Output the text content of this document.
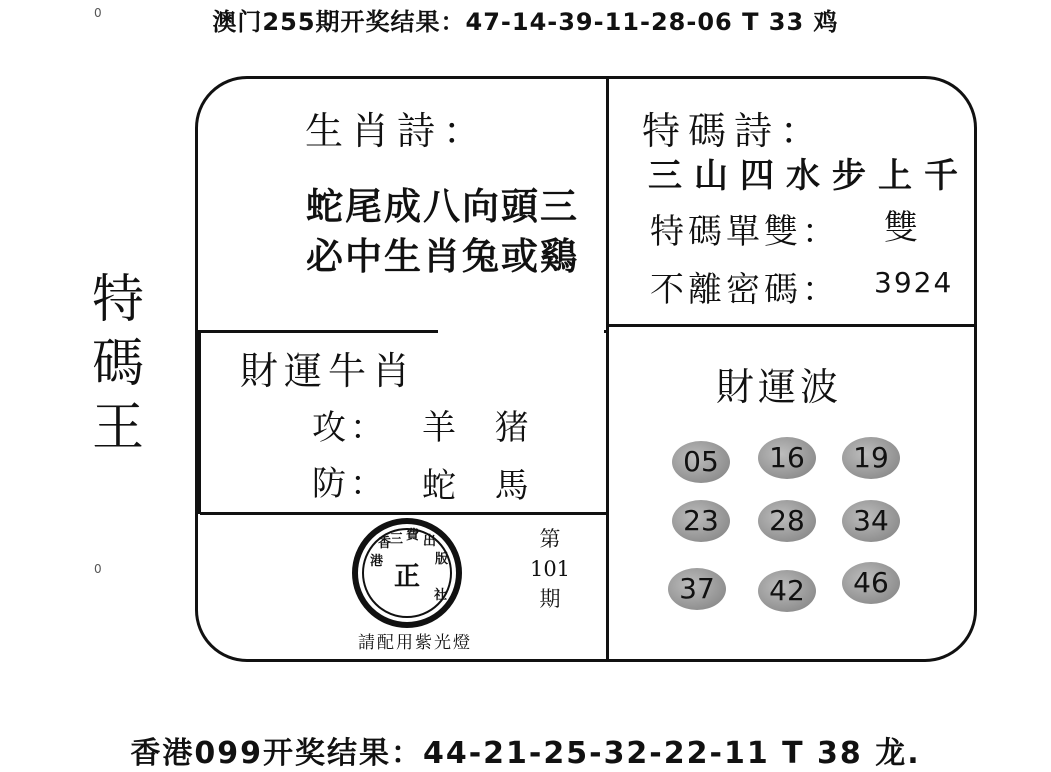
澳门255期开奖结果：47-14-39-11-28-06 T 33 鸡
0
0
特
碼
王
生肖詩：
蛇尾成八向頭三
必中生肖兔或鷄
特碼詩：
三山四水步上千
特碼單雙： 雙
不離密碼： 3924
財運牛肖
攻： 羊 猪
防： 蛇 馬
財運波
05	16	19
23	28	34
37	42	46
香
港
三 費 出
版
社
正
請配用紫光燈
第
101
期
香港099开奖结果：44-21-25-32-22-11 T 38 龙.
